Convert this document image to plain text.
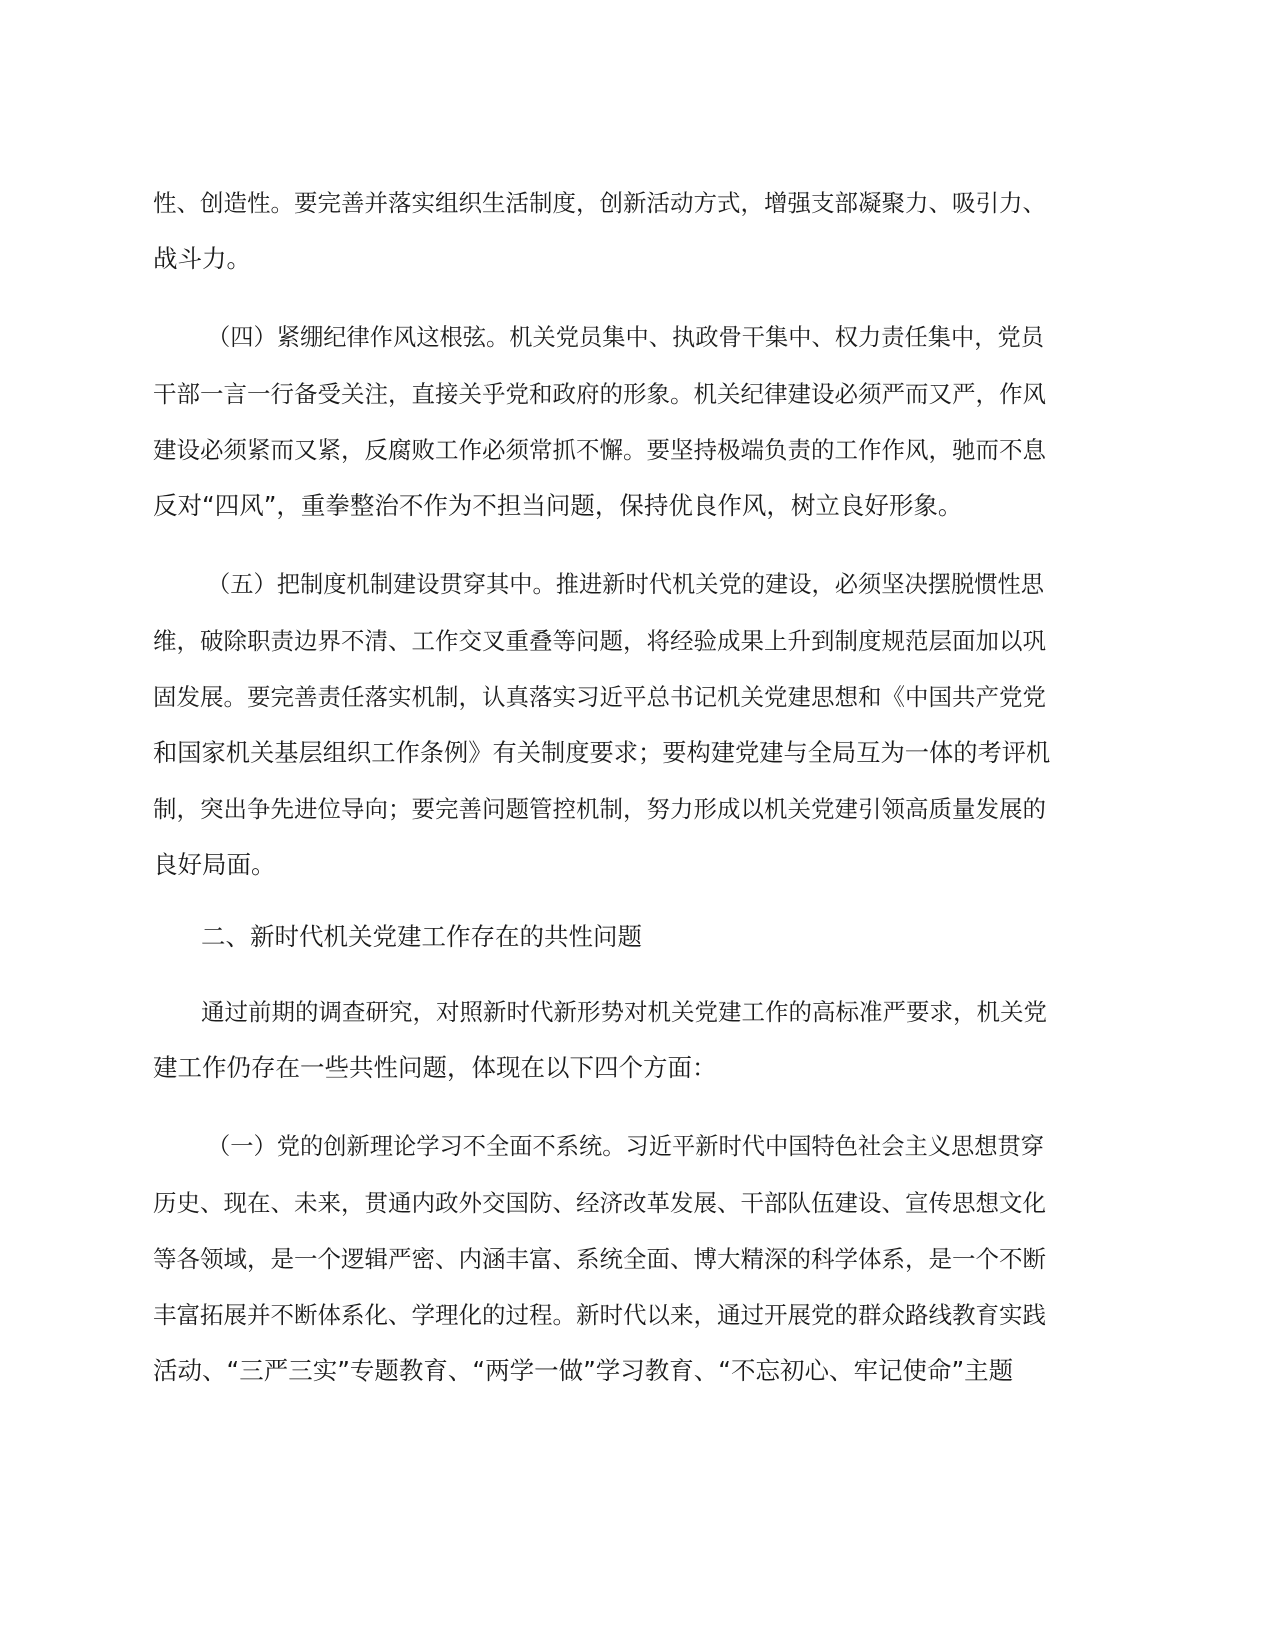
性、创造性。要完善并落实组织生活制度，创新活动方式，增强支部凝聚力、吸引力、
战斗力。
（四）紧绷纪律作风这根弦。机关党员集中、执政骨干集中、权力责任集中，党员
干部一言一行备受关注，直接关乎党和政府的形象。机关纪律建设必须严而又严，作风
建设必须紧而又紧，反腐败工作必须常抓不懈。要坚持极端负责的工作作风，驰而不息
反对“四风”，重拳整治不作为不担当问题，保持优良作风，树立良好形象。
（五）把制度机制建设贯穿其中。推进新时代机关党的建设，必须坚决摆脱惯性思
维，破除职责边界不清、工作交叉重叠等问题，将经验成果上升到制度规范层面加以巩
固发展。要完善责任落实机制，认真落实习近平总书记机关党建思想和《中国共产党党
和国家机关基层组织工作条例》有关制度要求；要构建党建与全局互为一体的考评机
制，突出争先进位导向；要完善问题管控机制，努力形成以机关党建引领高质量发展的
良好局面。
二、新时代机关党建工作存在的共性问题
通过前期的调查研究，对照新时代新形势对机关党建工作的高标准严要求，机关党
建工作仍存在一些共性问题，体现在以下四个方面：
（一）党的创新理论学习不全面不系统。习近平新时代中国特色社会主义思想贯穿
历史、现在、未来，贯通内政外交国防、经济改革发展、干部队伍建设、宣传思想文化
等各领域，是一个逻辑严密、内涵丰富、系统全面、博大精深的科学体系，是一个不断
丰富拓展并不断体系化、学理化的过程。新时代以来，通过开展党的群众路线教育实践
活动、“三严三实”专题教育、“两学一做”学习教育、“不忘初心、牢记使命”主题
